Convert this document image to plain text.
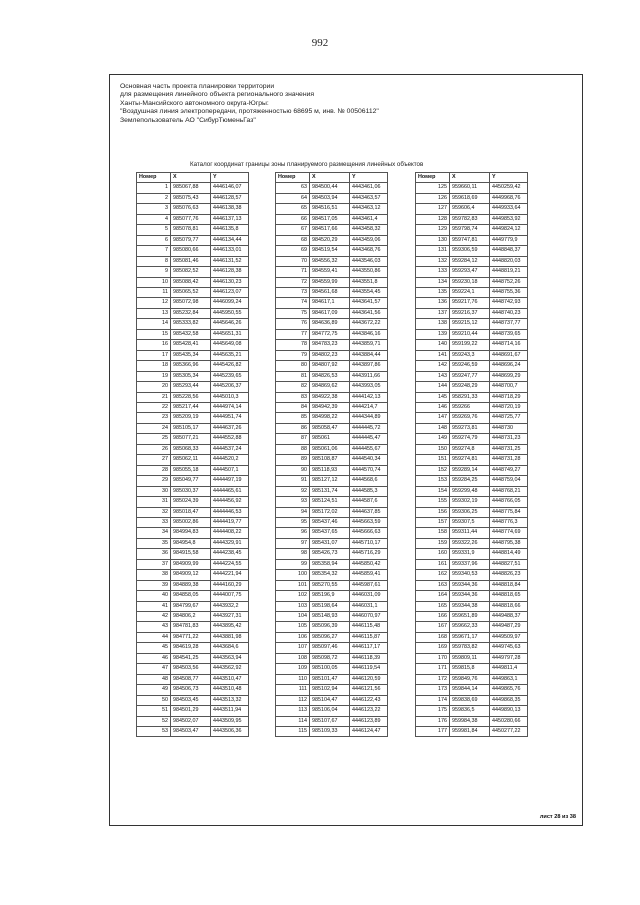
992
Основная часть проекта планировки территории
для размещения линейного объекта регионального значения
Ханты-Мансийского автономного округа-Югры:
"Воздушная линия электропередачи, протяженностью 68695 м, инв. № 00506112"
Землепользователь АО "СибурТюменьГаз"
Каталог координат границы зоны планируемого размещения линейных объектов
Номер	X	Y
1	985067,88	4446146,07
2	985075,43	4446128,57
3	985076,63	4446138,38
4	985077,76	4446137,13
5	985078,81	4446135,8
6	985079,77	4446134,44
7	985080,66	4446133,01
8	985081,46	4446131,52
9	985082,52	4446128,38
10	985088,42	4446130,23
11	985065,52	4446123,07
12	985072,98	4446099,24
13	985232,84	4445950,55
14	985333,82	4445646,26
15	985432,58	4445651,31
16	985428,41	4445649,08
17	985435,34	4445635,21
18	985366,96	4445426,82
19	985305,34	4445239,65
20	985293,44	4445206,37
21	985228,56	4445010,3
22	985217,44	4444974,14
23	985209,19	4444951,74
24	985105,17	4444637,26
25	985077,21	4444552,88
26	985068,33	4444537,24
27	985062,11	4444520,2
28	985055,18	4444507,1
29	985049,77	4444497,19
30	985030,37	4444465,61
31	985024,39	4444456,92
32	985018,47	4444446,53
33	985002,86	4444419,77
34	984994,83	4444408,22
35	984954,8	4444329,91
36	984915,58	4444238,45
37	984909,99	4444224,55
38	984909,12	4444221,94
39	984889,38	4444160,29
40	984858,05	4444007,75
41	984799,67	4443932,2
42	984806,2	4443927,31
43	984781,83	4443895,42
44	984771,22	4443881,98
45	984619,28	4443684,6
46	984541,25	4443563,94
47	984503,56	4443562,92
48	984508,77	4443510,47
49	984506,73	4443510,48
50	984503,45	4443513,32
51	984501,29	4443511,94
52	984502,07	4443509,95
53	984503,47	4443506,36
Номер	X	Y
63	984500,44	4443461,06
64	984503,94	4443463,57
65	984516,51	4443463,12
66	984517,05	4443461,4
67	984517,66	4443458,32
68	984520,29	4443459,06
69	984519,54	4443468,76
70	984556,32	4443546,03
71	984559,41	4443550,86
72	984559,99	4443551,8
73	984561,68	4443554,45
74	984617,1	4443641,57
75	984617,09	4443641,56
76	984636,89	4443672,22
77	984772,75	4443846,16
78	984783,23	4443859,71
79	984802,23	4443884,44
80	984807,92	4443897,86
81	984826,53	4443911,66
82	984869,62	4443993,05
83	984922,38	4444142,13
84	984942,39	4444214,7
85	984998,22	4444344,89
86	985058,47	4444445,72
87	985061	4444445,47
88	985061,06	4444455,67
89	985108,87	4444540,34
90	985118,93	4444570,74
91	985127,12	4444568,6
92	985131,74	4444585,3
93	985124,51	4444587,6
94	985172,02	4444637,85
95	985437,46	4445663,59
96	985437,65	4445666,63
97	985431,07	4445710,17
98	985426,73	4445716,29
99	985358,94	4445850,42
100	985354,32	4445859,41
101	985270,55	4445987,61
102	985196,9	4446031,09
103	985198,64	4446031,1
104	985148,93	4446070,97
105	985096,39	4446115,48
106	985096,27	4446115,87
107	985097,46	4446117,17
108	985098,72	4446118,39
109	985100,05	4446119,54
110	985101,47	4446120,59
111	985102,94	4446121,56
112	985104,47	4446122,43
113	985106,04	4446123,22
114	985107,67	4446123,89
115	985109,33	4446124,47
Номер	X	Y
125	959660,11	4450259,42
126	959618,69	4449968,76
127	959606,4	4449933,64
128	959782,83	4449853,92
129	959798,74	4449824,12
130	959747,81	4449779,9
131	959306,59	4448848,37
132	959284,12	4448820,03
133	959293,47	4448819,21
134	959230,18	4448752,26
135	959224,1	4448755,36
136	959217,76	4448742,93
137	959216,37	4448740,23
138	959215,12	4448737,77
139	959210,44	4448739,65
140	959199,22	4448714,16
141	959243,3	4448691,67
142	959246,59	4448696,24
143	959247,77	4448699,29
144	959248,29	4448700,7
145	958291,33	4448718,29
146	959266	4448720,19
147	959269,76	4448725,77
148	959273,81	4448730
149	959274,79	4448731,23
150	959274,8	4448731,25
151	959274,81	4448731,28
152	959289,14	4448749,27
153	959284,25	4448759,04
154	959299,48	4448768,21
155	959302,19	4448766,05
156	959306,25	4448775,84
157	959307,5	4448776,3
158	959311,44	4448774,69
159	959322,26	4448795,38
160	959331,9	4448814,49
161	959337,96	4448827,51
162	959340,53	4448826,23
163	959344,36	4448818,84
164	959344,36	4448818,65
165	959344,38	4448818,66
166	959651,89	4449488,37
167	959662,33	4449487,29
168	959671,17	4449509,97
169	959783,82	4449745,63
170	959809,11	4449797,28
171	959815,8	4449811,4
172	959849,76	4449863,1
173	959844,14	4449865,76
174	959838,69	4449868,35
175	959836,5	4449890,13
176	959984,38	4450280,66
177	959981,84	4450277,22
лист 28 из 38
